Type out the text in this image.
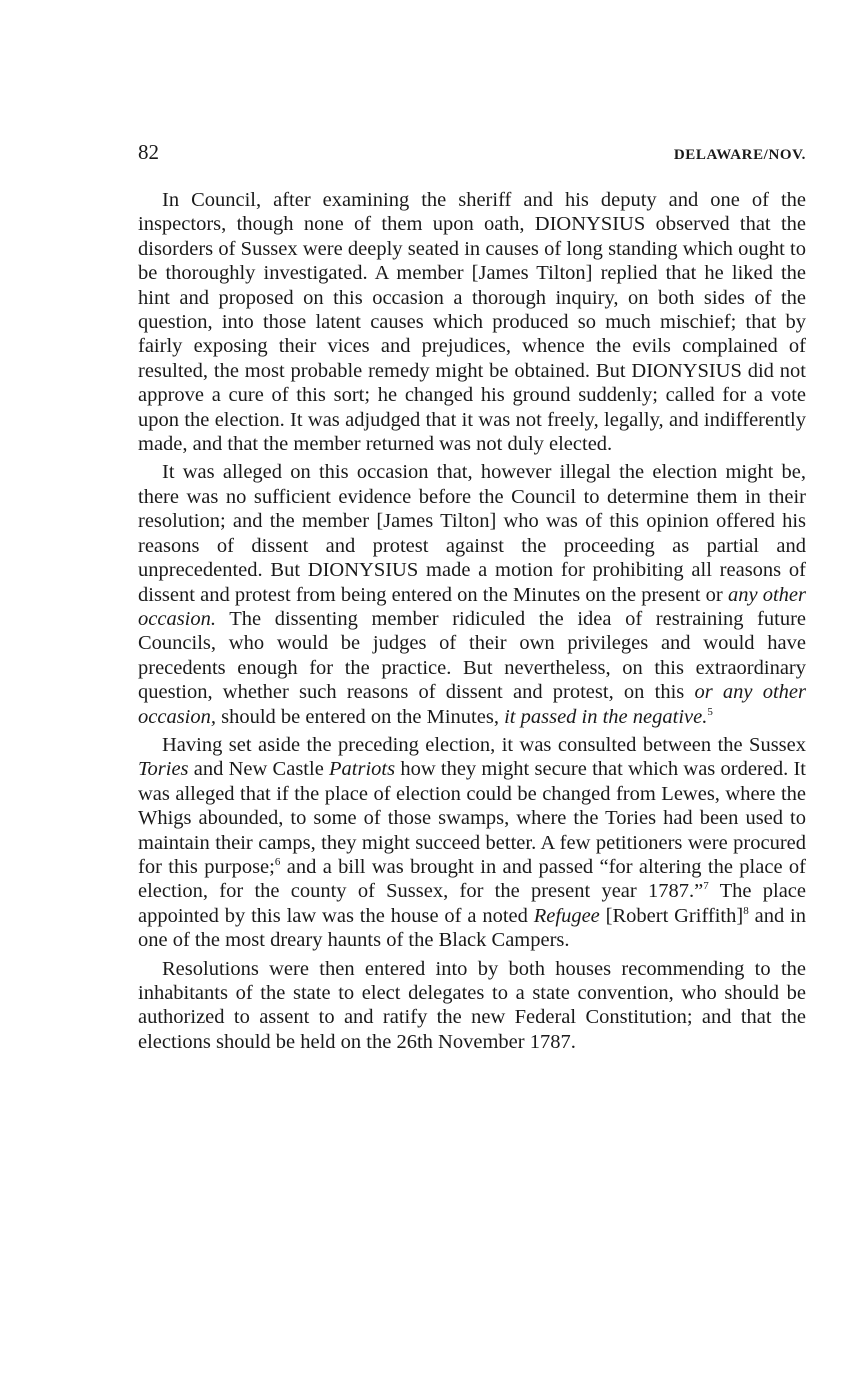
82	DELAWARE/NOV.

In Council, after examining the sheriff and his deputy and one of the inspectors, though none of them upon oath, DIONYSIUS observed that the disorders of Sussex were deeply seated in causes of long standing which ought to be thoroughly investigated. A member [James Tilton] replied that he liked the hint and proposed on this occasion a thorough inquiry, on both sides of the question, into those latent causes which produced so much mischief; that by fairly exposing their vices and prejudices, whence the evils complained of resulted, the most probable remedy might be obtained. But DIONYSIUS did not approve a cure of this sort; he changed his ground suddenly; called for a vote upon the election. It was adjudged that it was not freely, legally, and indifferently made, and that the member returned was not duly elected.

It was alleged on this occasion that, however illegal the election might be, there was no sufficient evidence before the Council to determine them in their resolution; and the member [James Tilton] who was of this opinion offered his reasons of dissent and protest against the proceeding as partial and unprecedented. But DIONYSIUS made a motion for prohibiting all reasons of dissent and protest from being entered on the Minutes on the present or any other occasion. The dissenting member ridiculed the idea of restraining future Councils, who would be judges of their own privileges and would have precedents enough for the practice. But nevertheless, on this extraordinary question, whether such reasons of dissent and protest, on this or any other occasion, should be entered on the Minutes, it passed in the negative.$^5$

Having set aside the preceding election, it was consulted between the Sussex Tories and New Castle Patriots how they might secure that which was ordered. It was alleged that if the place of election could be changed from Lewes, where the Whigs abounded, to some of those swamps, where the Tories had been used to maintain their camps, they might succeed better. A few petitioners were procured for this purpose;$^6$ and a bill was brought in and passed “for altering the place of election, for the county of Sussex, for the present year 1787.”$^7$ The place appointed by this law was the house of a noted Refugee [Robert Griffith]$^8$ and in one of the most dreary haunts of the Black Campers.

Resolutions were then entered into by both houses recommending to the inhabitants of the state to elect delegates to a state convention, who should be authorized to assent to and ratify the new Federal Constitution; and that the elections should be held on the 26th November 1787.
